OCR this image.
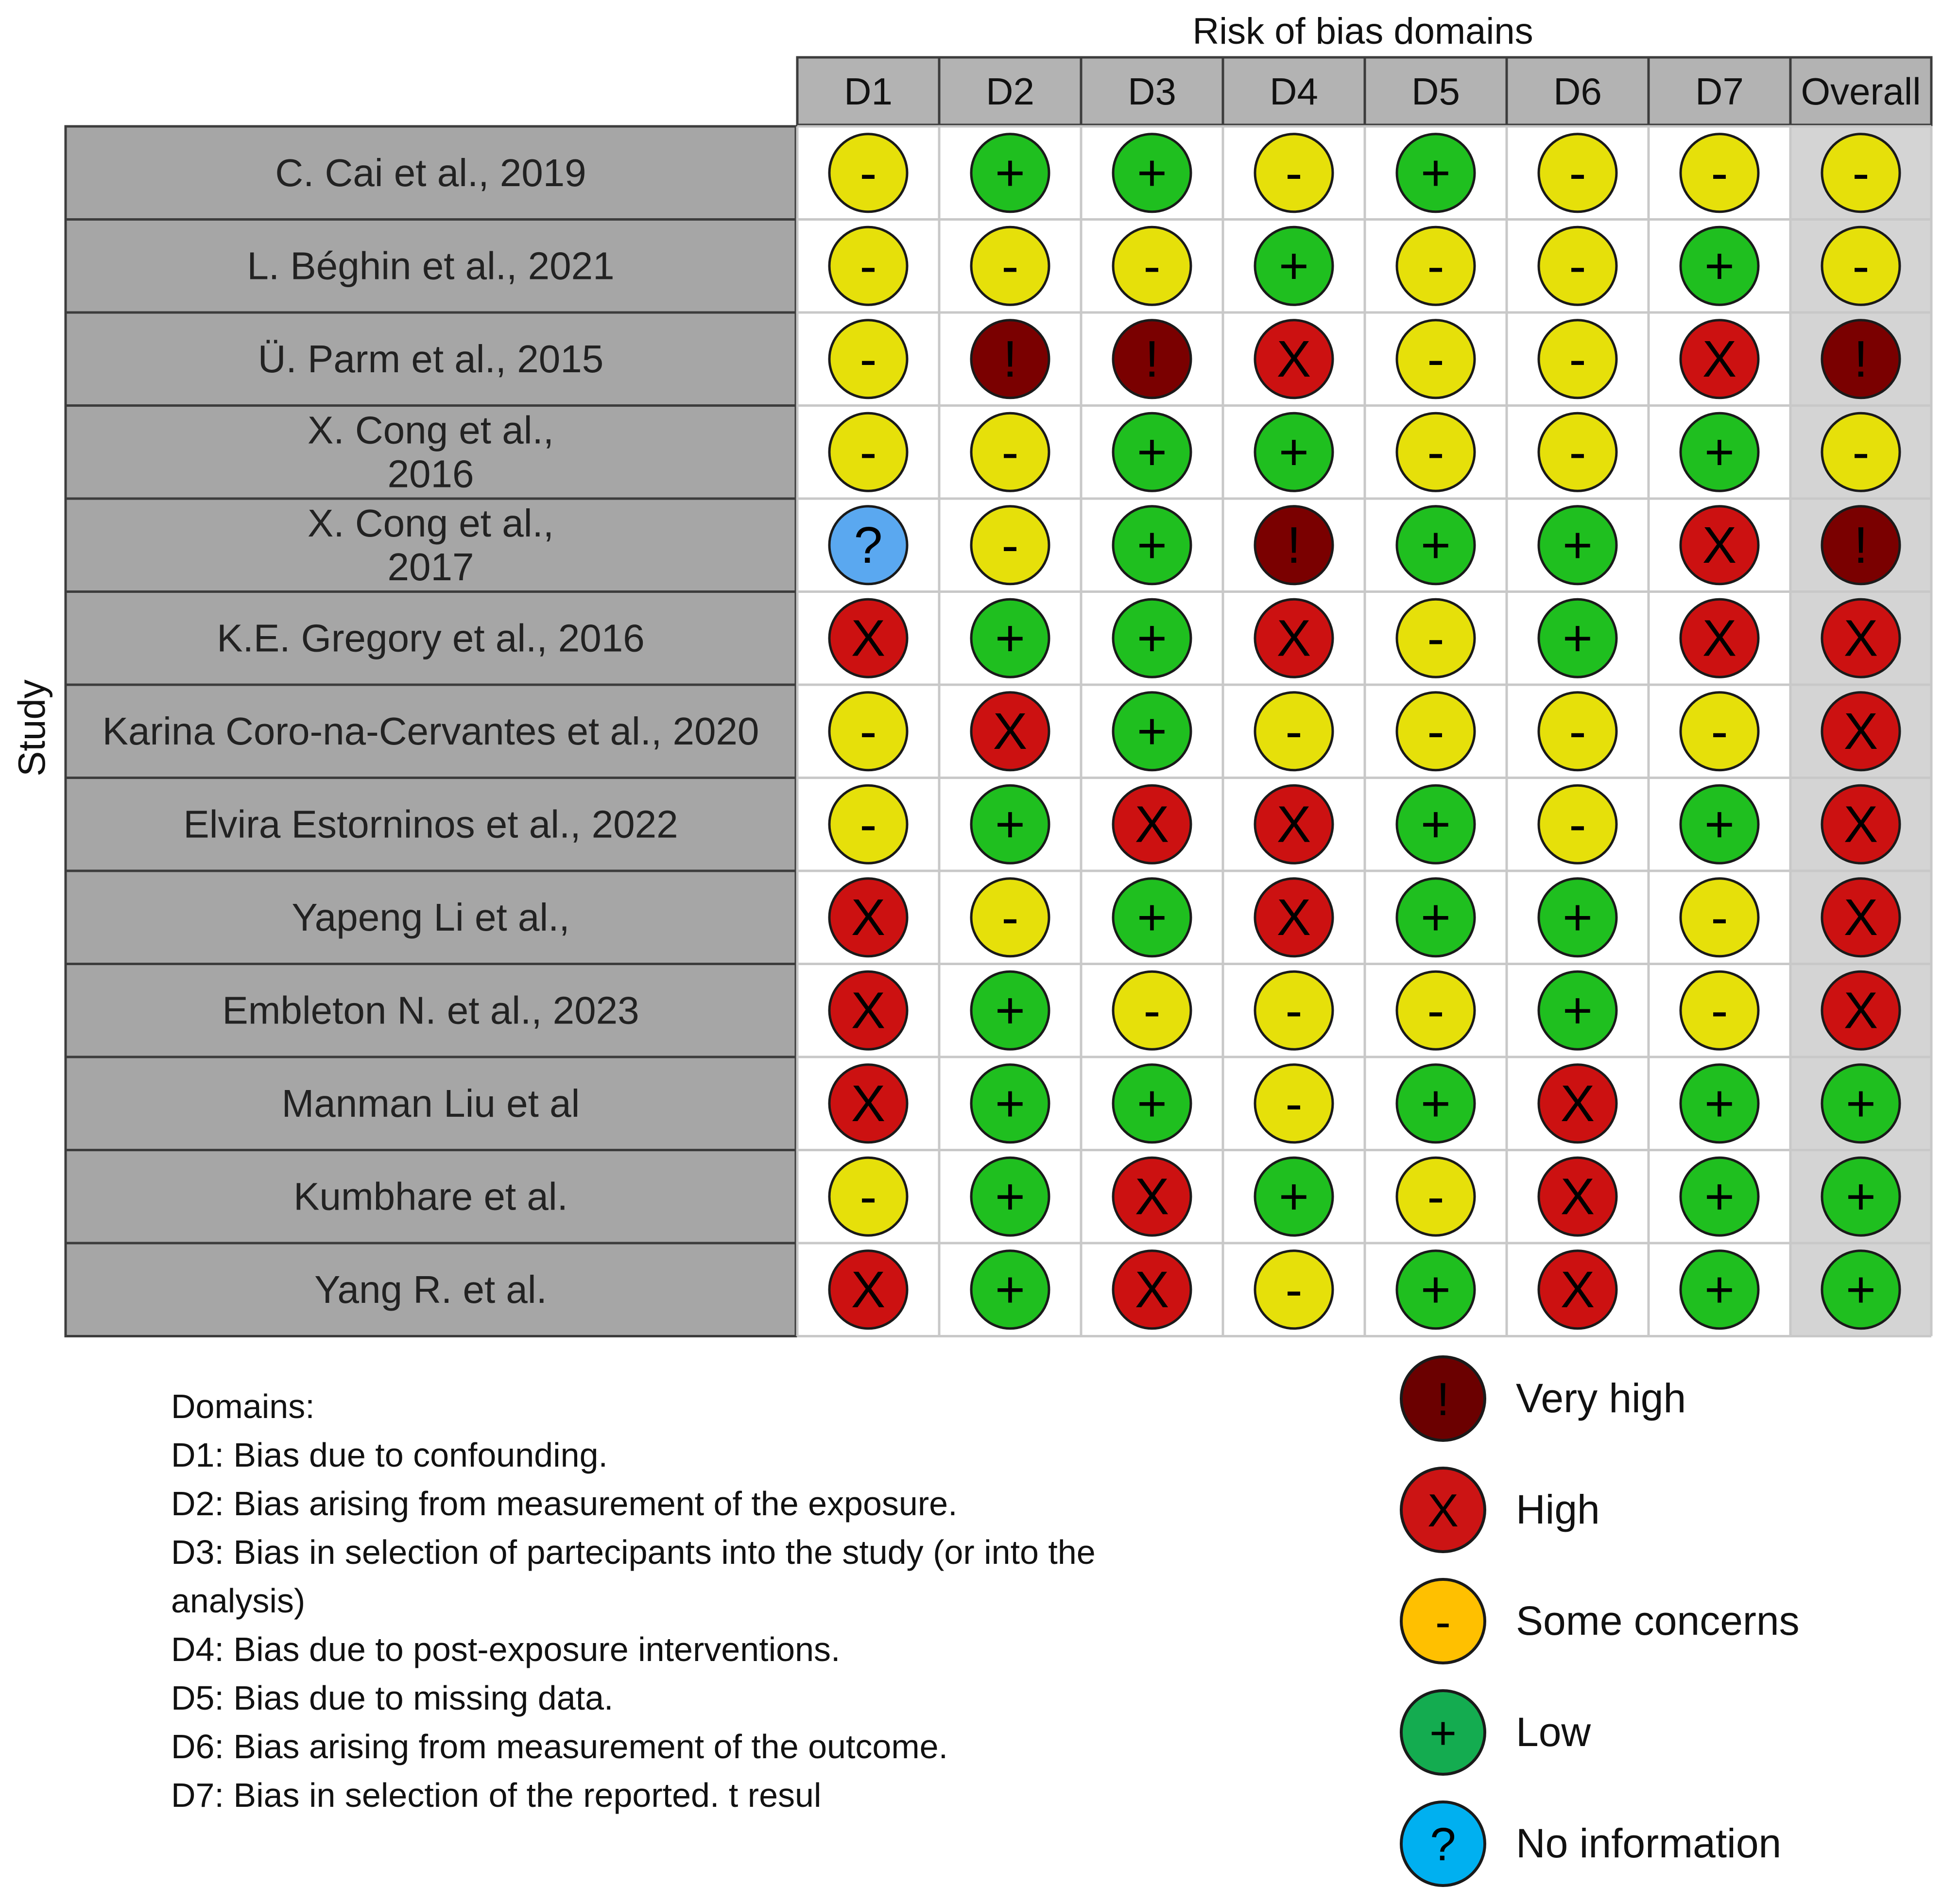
Risk of bias domains
Study
D1 D2 D3 D4 D5 D6 D7 Overall
C. Cai et al., 2019	- + + - + - - -
L. Béghin et al., 2021	- - - + - - + -
Ü. Parm et al., 2015	- ! ! X - - X !
X. Cong et al.,
2016	- - + + - - + -
X. Cong et al.,
2017	? - + ! + + X !
K.E. Gregory et al., 2016	X + + X - + X X
Karina Coro-na-Cervantes et al., 2020 - X + - - - - X
Elvira Estorninos et al., 2022	- + X X + - + X
Yapeng Li et al.,	X - + X + + - X
Embleton N. et al., 2023	X + - - - + - X
Manman Liu et al	X + + - + X + +
Kumbhare et al.	- + X + - X + +
Yang R. et al.	X + X - + X + +
Domains:
D1: Bias due to confounding.
D2: Bias arising from measurement of the exposure.
D3: Bias in selection of partecipants into the study (or into the
analysis)
D4: Bias due to post-exposure interventions.
D5: Bias due to missing data.
D6: Bias arising from measurement of the outcome.
D7: Bias in selection of the reported. t resul
! Very high
X High
- Some concerns
+ Low
? No information
